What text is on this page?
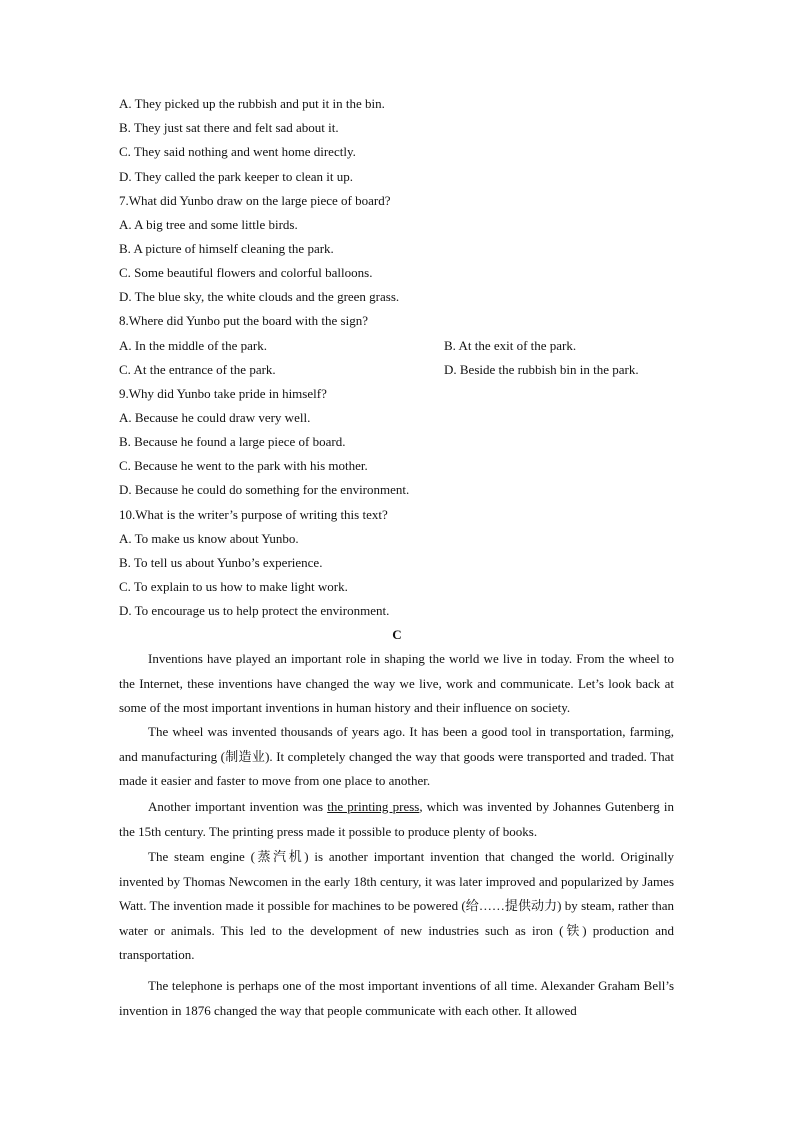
A. They picked up the rubbish and put it in the bin.
B. They just sat there and felt sad about it.
C. They said nothing and went home directly.
D. They called the park keeper to clean it up.
7.What did Yunbo draw on the large piece of board?
A. A big tree and some little birds.
B. A picture of himself cleaning the park.
C. Some beautiful flowers and colorful balloons.
D. The blue sky, the white clouds and the green grass.
8.Where did Yunbo put the board with the sign?
A. In the middle of the park.	B. At the exit of the park.
C. At the entrance of the park.	D. Beside the rubbish bin in the park.
9.Why did Yunbo take pride in himself?
A. Because he could draw very well.
B. Because he found a large piece of board.
C. Because he went to the park with his mother.
D. Because he could do something for the environment.
10.What is the writer’s purpose of writing this text?
A. To make us know about Yunbo.
B. To tell us about Yunbo’s experience.
C. To explain to us how to make light work.
D. To encourage us to help protect the environment.
C

Inventions have played an important role in shaping the world we live in today. From the wheel to the Internet, these inventions have changed the way we live, work and communicate. Let’s look back at some of the most important inventions in human history and their influence on society.

The wheel was invented thousands of years ago. It has been a good tool in transportation, farming, and manufacturing (制造业). It completely changed the way that goods were transported and traded. That made it easier and faster to move from one place to another.

Another important invention was the printing press, which was invented by Johannes Gutenberg in the 15th century. The printing press made it possible to produce plenty of books.

The steam engine (蒸汽机) is another important invention that changed the world. Originally invented by Thomas Newcomen in the early 18th century, it was later improved and popularized by James Watt. The invention made it possible for machines to be powered (给……提供动力) by steam, rather than water or animals. This led to the development of new industries such as iron (铁) production and transportation.

The telephone is perhaps one of the most important inventions of all time. Alexander Graham Bell’s invention in 1876 changed the way that people communicate with each other. It allowed
